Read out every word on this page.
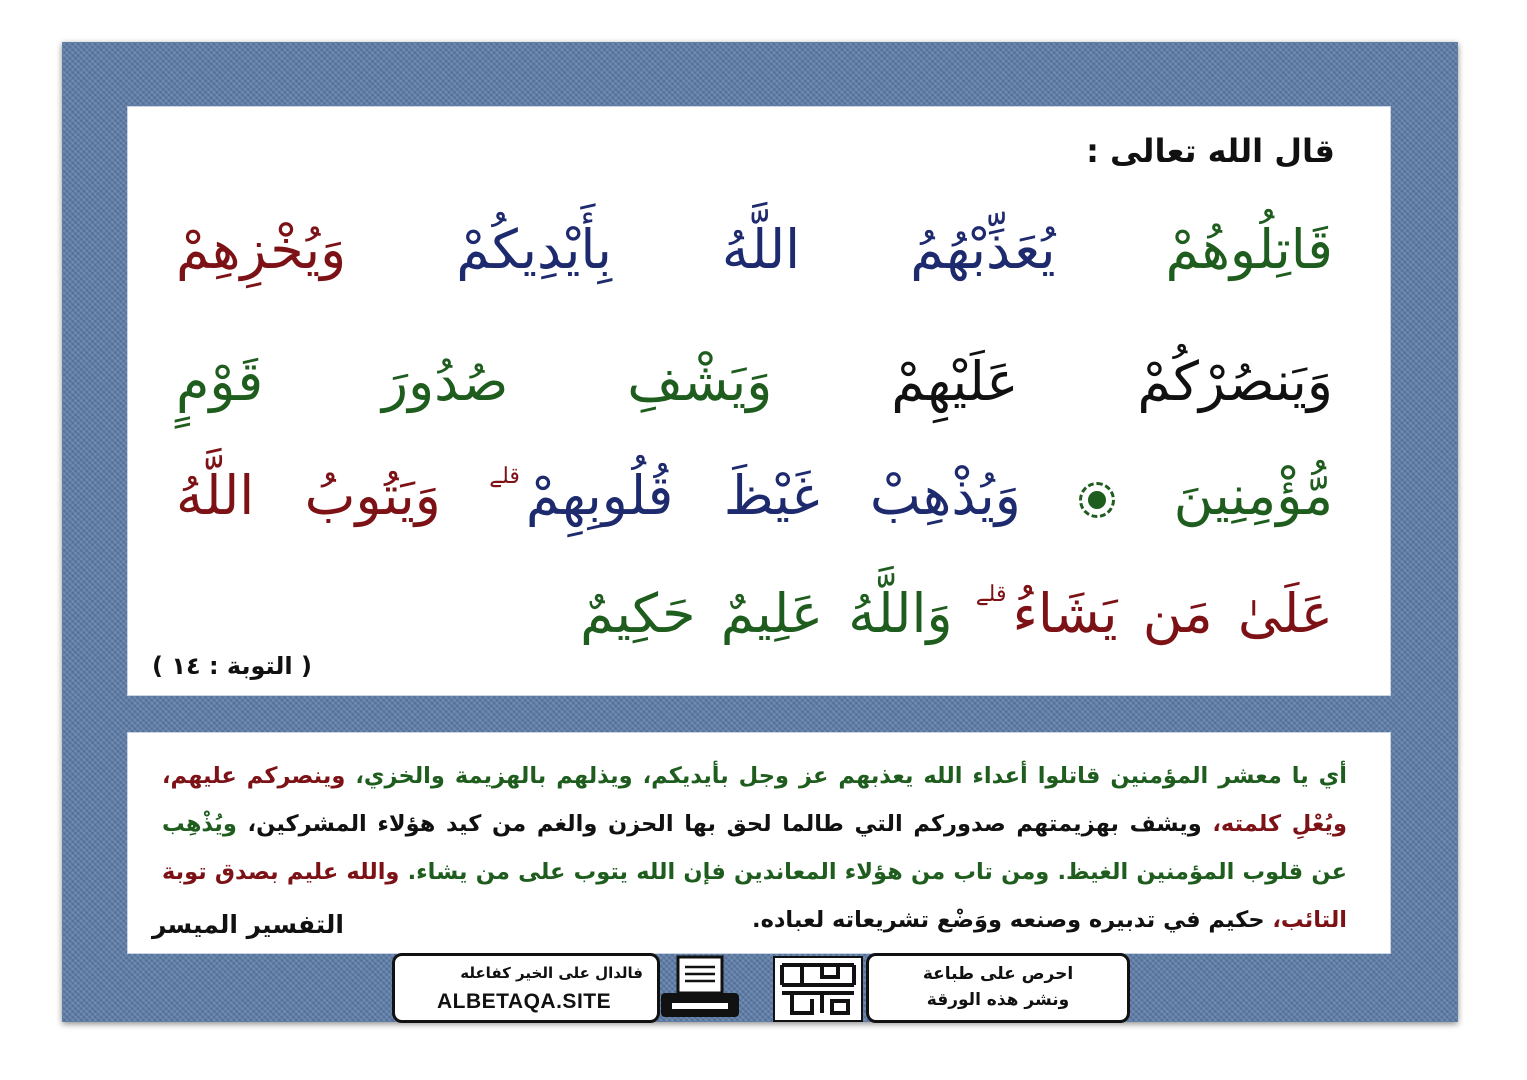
قال الله تعالى :
قَاتِلُوهُمْ يُعَذِّبْهُمُ اللَّهُ بِأَيْدِيكُمْ وَيُخْزِهِمْ
وَيَنصُرْكُمْ عَلَيْهِمْ وَيَشْفِ صُدُورَ قَوْمٍ
مُّؤْمِنِينَ  وَيُذْهِبْ غَيْظَ قُلُوبِهِمْقلے وَيَتُوبُ اللَّهُ
عَلَىٰ مَن يَشَاءُقلے وَاللَّهُ عَلِيمٌ حَكِيمٌ
( التوبة : ١٤ )
أي يا معشر المؤمنين قاتلوا أعداء الله يعذبهم عز وجل بأيديكم، ويذلهم بالهزيمة والخزي، وينصركم عليهم، ويُعْلِ كلمته، ويشف بهزيمتهم صدوركم التي طالما لحق بها الحزن والغم من كيد هؤلاء المشركين، ويُذْهِب عن قلوب المؤمنين الغيظ. ومن تاب من هؤلاء المعاندين فإن الله يتوب على من يشاء. والله عليم بصدق توبة التائب، حكيم في تدبيره وصنعه ووَضْع تشريعاته لعباده.
التفسير الميسر
فالدال على الخير كفاعله
ALBETAQA.SITE
احرص على طباعة
ونشر هذه الورقة
